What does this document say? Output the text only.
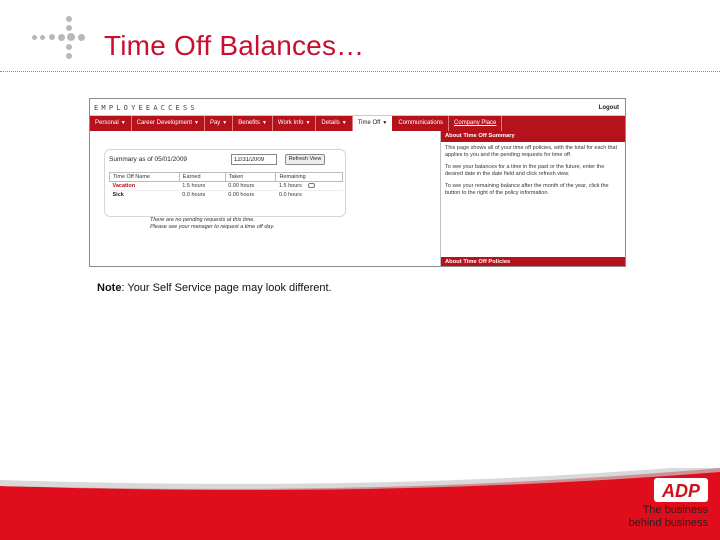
Time Off Balances…
EMPLOYEEACCESS	Logout
Personal ▼	Career Development ▼	Pay ▼	Benefits ▼	Work Info ▼	Details ▼	Time Off ▼	Communications	Company Place
Summary as of 05/01/2009
12/31/2009	Refresh View
Time Off Name	Earned	Taken	Remaining
Vacation	1.5 hours	0.00 hours	1.5 hours
Sick	0.0 hours	0.00 hours	0.0 hours
There are no pending requests at this time.
Please see your manager to request a time off day.
About Time Off Summary

This page shows all of your time off policies, with the total for each that applies to you and the pending requests for time off.

To see your balances for a time in the past or the future, enter the desired date in the date field and click refresh view.

To see your remaining balance after the month of the year, click the button to the right of the policy information.

About Time Off Policies
Note: Your Self Service page may look different.
ADP
The business
behind business
